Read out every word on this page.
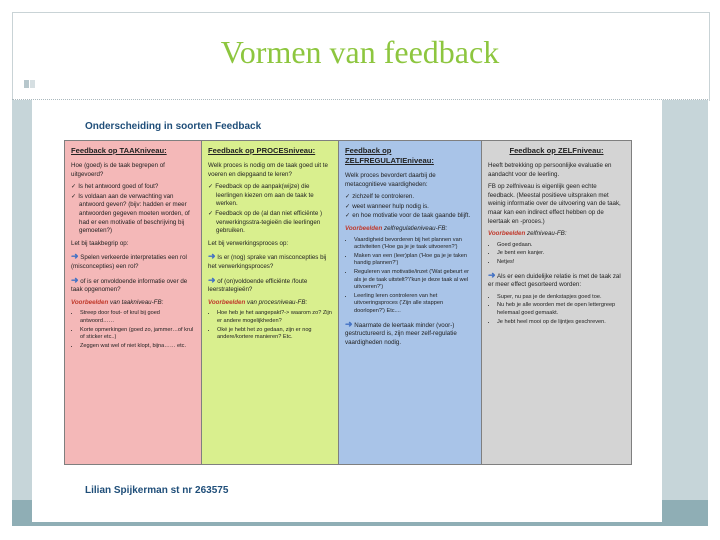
Vormen van feedback
Onderscheiding in soorten Feedback
Feedback op TAAKniveau:

Hoe (goed) is de taak begrepen of uitgevoerd?

✓ Is het antwoord goed of fout?
✓ Is voldaan aan de verwachting van antwoord geven? (bijv: hadden er meer antwoorden gegeven moeten worden, of had er een motivatie of beschrijving bij gemoeten?)

Let bij taakbegrip op:

➜ Spelen verkeerde interpretaties een rol (misconcepties) een rol?
➜ of is er onvoldoende informatie over de taak opgenomen?

Voorbeelden van taakniveau-FB:

• Streep door fout- of krul bij goed antwoord……
• Korte opmerkingen (goed zo, jammer…of krul of sticker etc..)
• Zeggen wat wel of niet klopt, bijna…… etc.
Feedback op PROCESniveau:

Welk proces is nodig om de taak goed uit te voeren en diepgaand te leren?

✓ Feedback op de aanpak(wijze) die leerlingen kiezen om aan de taak te werken.
✓ Feedback op de (al dan niet efficiënte ) verwerkingsstra-tegieën die leerlingen gebruiken.

Let bij verwerkingsproces op:

➜ Is er (nog) sprake van misconcepties bij het verwerkingsproces?
➜ of (on)voldoende efficiënte /foute leerstrategieën?

Voorbeelden van procesniveau-FB:

• Hoe heb je het aangepakt?-> waarom zo? Zijn er andere mogelijkheden?
• Oké je hebt het zo gedaan, zijn er nog andere/kortere manieren? Etc.
Feedback op ZELFREGULATIEniveau:

Welk proces bevordert daarbij de metacognitieve vaardigheden:

✓ zichzelf te controleren.
✓ weet wanneer hulp nodig is.
✓ en hoe motivatie voor de taak gaande blijft.

Voorbeelden zelfregulatieniveau-FB:

• Vaardigheid bevorderen bij het plannen van activiteiten ('Hoe ga je je taak uitvoeren?')
• Maken van een (leer)plan ('Hoe ga je je taken handig plannen?')
• Reguleren van motivatie/inzet ('Wat gebeurt er als je de taak uitstelt?'/'kun je deze taak al wel uitvoeren?')
• Leerling leren controleren van het uitvoeringsproces ('Zijn alle stappen doorlopen?') Etc....
➜ Naarmate de leertaak minder (voor-) gestructureerd is, zijn meer zelf-regulatie vaardigheden nodig.
Feedback op ZELFniveau:

Heeft betrekking op persoonlijke evaluatie en aandacht voor de leerling.

FB op zelfniveau is eigenlijk geen echte feedback. (Meestal positieve uitspraken met weinig informatie over de uitvoering van de taak, maar kan een indirect effect hebben op de leertaak en -proces.)

Voorbeelden zelfniveau-FB:

• Goed gedaan.
• Je bent een kanjer.
• Netjes!
➜ Als er een duidelijke relatie is met de taak zal er meer effect gesorteerd worden:
• Super, nu pas je de denkstapjes goed toe.
• Nu heb je alle woorden met de open lettergreep helemaal goed gemaakt.
• Je hebt heel mooi op de lijntjes geschreven.
Lilian Spijkerman st nr 263575
